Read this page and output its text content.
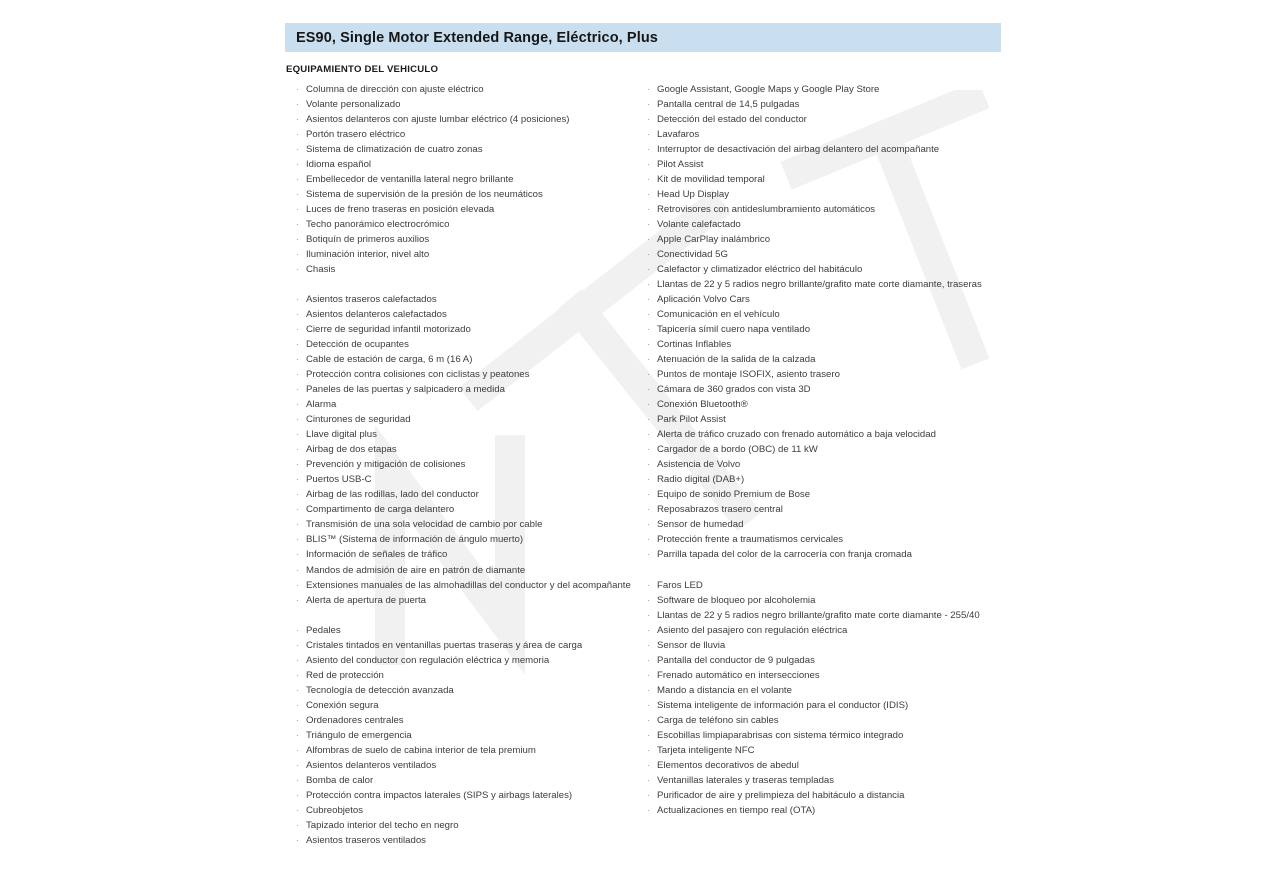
ES90, Single Motor Extended Range, Eléctrico, Plus
EQUIPAMIENTO DEL VEHICULO
· Columna de dirección con ajuste eléctrico
· Volante personalizado
· Asientos delanteros con ajuste lumbar eléctrico (4 posiciones)
· Portón trasero eléctrico
· Sistema de climatización de cuatro zonas
· Idioma español
· Embellecedor de ventanilla lateral negro brillante
· Sistema de supervisión de la presión de los neumáticos
· Luces de freno traseras en posición elevada
· Techo panorámico electrocrómico
· Botiquín de primeros auxilios
· Iluminación interior, nivel alto
· Chasis
· Asientos traseros calefactados
· Asientos delanteros calefactados
· Cierre de seguridad infantil motorizado
· Detección de ocupantes
· Cable de estación de carga, 6 m (16 A)
· Protección contra colisiones con ciclistas y peatones
· Paneles de las puertas y salpicadero a medida
· Alarma
· Cinturones de seguridad
· Llave digital plus
· Airbag de dos etapas
· Prevención y mitigación de colisiones
· Puertos USB-C
· Airbag de las rodillas, lado del conductor
· Compartimento de carga delantero
· Transmisión de una sola velocidad de cambio por cable
· BLIS™ (Sistema de información de ángulo muerto)
· Información de señales de tráfico
· Mandos de admisión de aire en patrón de diamante
· Extensiones manuales de las almohadillas del conductor y del acompañante
· Alerta de apertura de puerta
· Pedales
· Cristales tintados en ventanillas puertas traseras y área de carga
· Asiento del conductor con regulación eléctrica y memoria
· Red de protección
· Tecnología de detección avanzada
· Conexión segura
· Ordenadores centrales
· Triángulo de emergencia
· Alfombras de suelo de cabina interior de tela premium
· Asientos delanteros ventilados
· Bomba de calor
· Protección contra impactos laterales (SIPS y airbags laterales)
· Cubreobjetos
· Tapizado interior del techo en negro
· Asientos traseros ventilados
· Google Assistant, Google Maps y Google Play Store
· Pantalla central de 14,5 pulgadas
· Detección del estado del conductor
· Lavafaros
· Interruptor de desactivación del airbag delantero del acompañante
· Pilot Assist
· Kit de movilidad temporal
· Head Up Display
· Retrovisores con antideslumbramiento automáticos
· Volante calefactado
· Apple CarPlay inalámbrico
· Conectividad 5G
· Calefactor y climatizador eléctrico del habitáculo
· Llantas de 22 y 5 radios negro brillante/grafito mate corte diamante, traseras
· Aplicación Volvo Cars
· Comunicación en el vehículo
· Tapicería símil cuero napa ventilado
· Cortinas Inflables
· Atenuación de la salida de la calzada
· Puntos de montaje ISOFIX, asiento trasero
· Cámara de 360 grados con vista 3D
· Conexión Bluetooth®
· Park Pilot Assist
· Alerta de tráfico cruzado con frenado automático a baja velocidad
· Cargador de a bordo (OBC) de 11 kW
· Asistencia de Volvo
· Radio digital (DAB+)
· Equipo de sonido Premium de Bose
· Reposabrazos trasero central
· Sensor de humedad
· Protección frente a traumatismos cervicales
· Parrilla tapada del color de la carrocería con franja cromada
· Faros LED
· Software de bloqueo por alcoholemia
· Llantas de 22 y 5 radios negro brillante/grafito mate corte diamante - 255/40
· Asiento del pasajero con regulación eléctrica
· Sensor de lluvia
· Pantalla del conductor de 9 pulgadas
· Frenado automático en intersecciones
· Mando a distancia en el volante
· Sistema inteligente de información para el conductor (IDIS)
· Carga de teléfono sin cables
· Escobillas limpiaparabrisas con sistema térmico integrado
· Tarjeta inteligente NFC
· Elementos decorativos de abedul
· Ventanillas laterales y traseras templadas
· Purificador de aire y prelimpieza del habitáculo a distancia
· Actualizaciones en tiempo real (OTA)
